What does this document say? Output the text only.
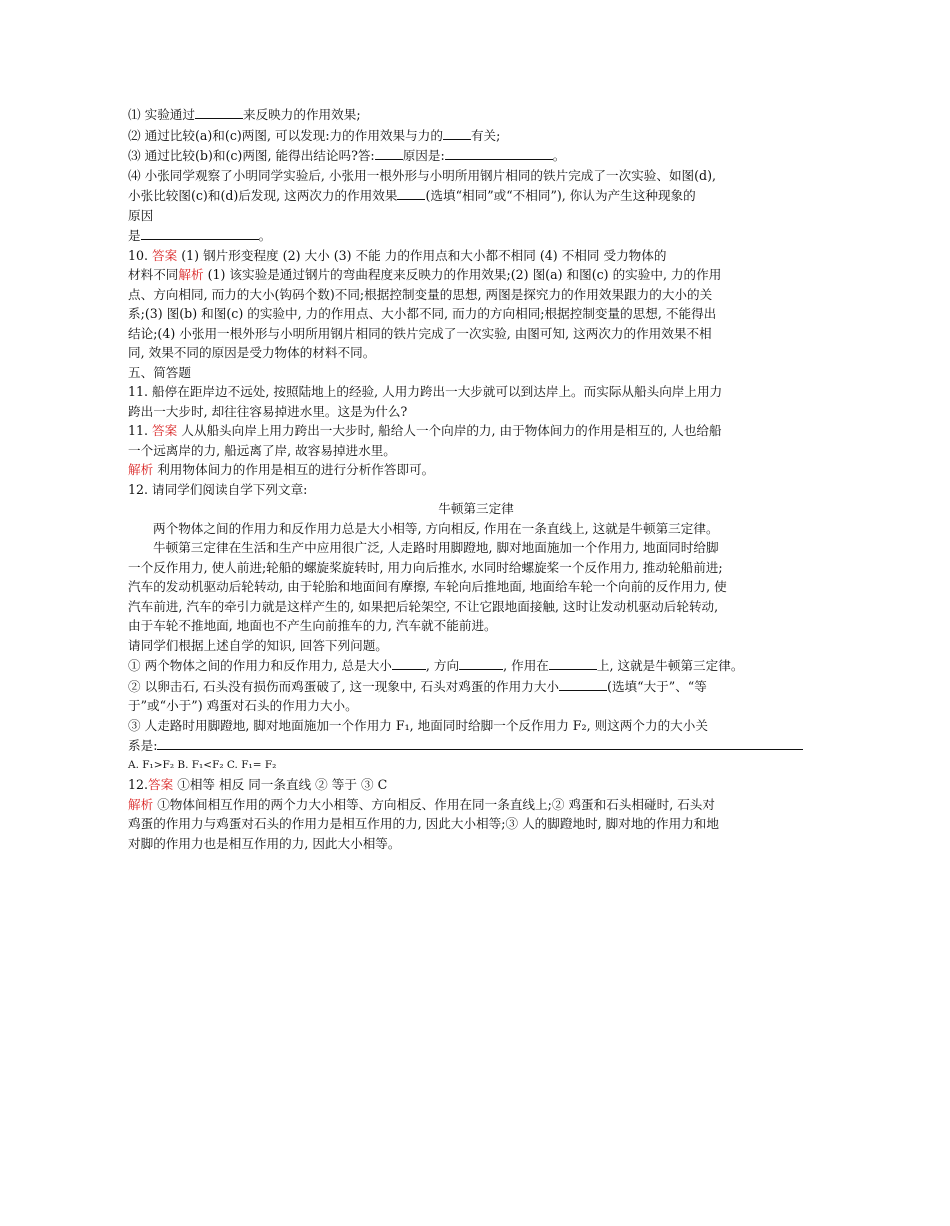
⑴ 实验通过	来反映力的作用效果;
⑵ 通过比较(a)和(c)两图, 可以发现:力的作用效果与力的 有关;
⑶ 通过比较(b)和(c)两图, 能得出结论吗?答: 原因是:	。
⑷ 小张同学观察了小明同学实验后, 小张用一根外形与小明所用钢片相同的铁片完成了一次实验、如图(d),
小张比较图(c)和(d)后发现, 这两次力的作用效果 (选填“相同”或“不相同”), 你认为产生这种现象的
原因
是	。
10. 答案 (1) 钢片形变程度 (2) 大小 (3) 不能 力的作用点和大小都不相同 (4) 不相同 受力物体的
材料不同解析 (1) 该实验是通过钢片的弯曲程度来反映力的作用效果;(2) 图(a) 和图(c) 的实验中, 力的作用
点、方向相同, 而力的大小(钩码个数)不同;根据控制变量的思想, 两图是探究力的作用效果跟力的大小的关
系;(3) 图(b) 和图(c) 的实验中, 力的作用点、大小都不同, 而力的方向相同;根据控制变量的思想, 不能得出
结论;(4) 小张用一根外形与小明所用钢片相同的铁片完成了一次实验, 由图可知, 这两次力的作用效果不相
同, 效果不同的原因是受力物体的材料不同。
五、简答题
11. 船停在距岸边不远处, 按照陆地上的经验, 人用力跨出一大步就可以到达岸上。而实际从船头向岸上用力
跨出一大步时, 却往往容易掉进水里。这是为什么?
11. 答案 人从船头向岸上用力跨出一大步时, 船给人一个向岸的力, 由于物体间力的作用是相互的, 人也给船
一个远离岸的力, 船远离了岸, 故容易掉进水里。
解析 利用物体间力的作用是相互的进行分析作答即可。
12. 请同学们阅读自学下列文章:
牛顿第三定律
两个物体之间的作用力和反作用力总是大小相等, 方向相反, 作用在一条直线上, 这就是牛顿第三定律。
牛顿第三定律在生活和生产中应用很广泛, 人走路时用脚蹬地, 脚对地面施加一个作用力, 地面同时给脚
一个反作用力, 使人前进;轮船的螺旋桨旋转时, 用力向后推水, 水同时给螺旋桨一个反作用力, 推动轮船前进;
汽车的发动机驱动后轮转动, 由于轮胎和地面间有摩擦, 车轮向后推地面, 地面给车轮一个向前的反作用力, 使
汽车前进, 汽车的牵引力就是这样产生的, 如果把后轮架空, 不让它跟地面接触, 这时让发动机驱动后轮转动,
由于车轮不推地面, 地面也不产生向前推车的力, 汽车就不能前进。
请同学们根据上述自学的知识, 回答下列问题。
① 两个物体之间的作用力和反作用力, 总是大小	, 方向	, 作用在	上, 这就是牛顿第三定律。
② 以卵击石, 石头没有损伤而鸡蛋破了, 这一现象中, 石头对鸡蛋的作用力大小	(选填“大于”、“等
于”或“小于”) 鸡蛋对石头的作用力大小。
③ 人走路时用脚蹬地, 脚对地面施加一个作用力 F₁, 地面同时给脚一个反作用力 F₂, 则这两个力的大小关
系是:
A. F₁>F₂ B. F₁<F₂ C. F₁= F₂
12.答案 ①相等 相反 同一条直线 ② 等于 ③ C
解析 ①物体间相互作用的两个力大小相等、方向相反、作用在同一条直线上;② 鸡蛋和石头相碰时, 石头对
鸡蛋的作用力与鸡蛋对石头的作用力是相互作用的力, 因此大小相等;③ 人的脚蹬地时, 脚对地的作用力和地
对脚的作用力也是相互作用的力, 因此大小相等。
